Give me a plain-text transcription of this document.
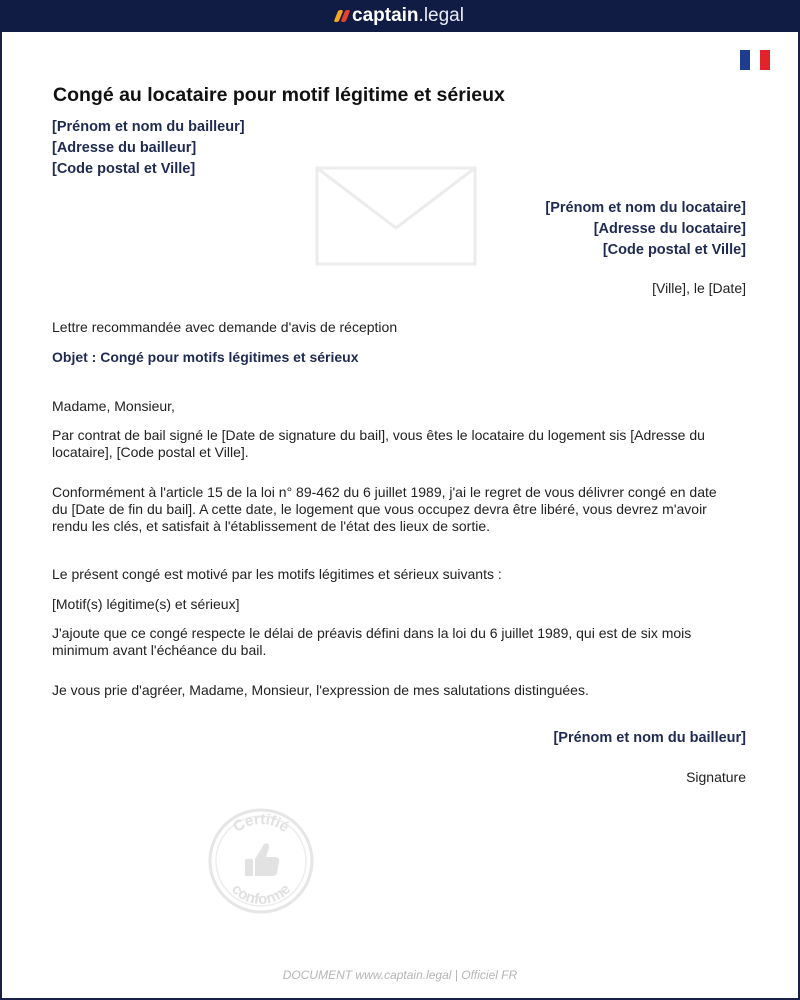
captain .legal
Congé au locataire pour motif légitime et sérieux
[Prénom et nom du bailleur]
[Adresse du bailleur]
[Code postal et Ville]
[Prénom et nom du locataire]
[Adresse du locataire]
[Code postal et Ville]
[Ville], le [Date]

Lettre recommandée avec demande d'avis de réception

Objet : Congé pour motifs légitimes et sérieux

Madame, Monsieur,

Par contrat de bail signé le [Date de signature du bail], vous êtes le locataire du logement sis [Adresse du locataire], [Code postal et Ville].

Conformément à l'article 15 de la loi n° 89-462 du 6 juillet 1989, j'ai le regret de vous délivrer congé en date du [Date de fin du bail]. A cette date, le logement que vous occupez devra être libéré, vous devrez m'avoir rendu les clés, et satisfait à l'établissement de l'état des lieux de sortie.

Le présent congé est motivé par les motifs légitimes et sérieux suivants :

[Motif(s) légitime(s) et sérieux]

J'ajoute que ce congé respecte le délai de préavis défini dans la loi du 6 juillet 1989, qui est de six mois minimum avant l'échéance du bail.

Je vous prie d'agréer, Madame, Monsieur, l'expression de mes salutations distinguées.

[Prénom et nom du bailleur]
Signature
Certifié
conforme
DOCUMENT www.captain.legal | Officiel FR
